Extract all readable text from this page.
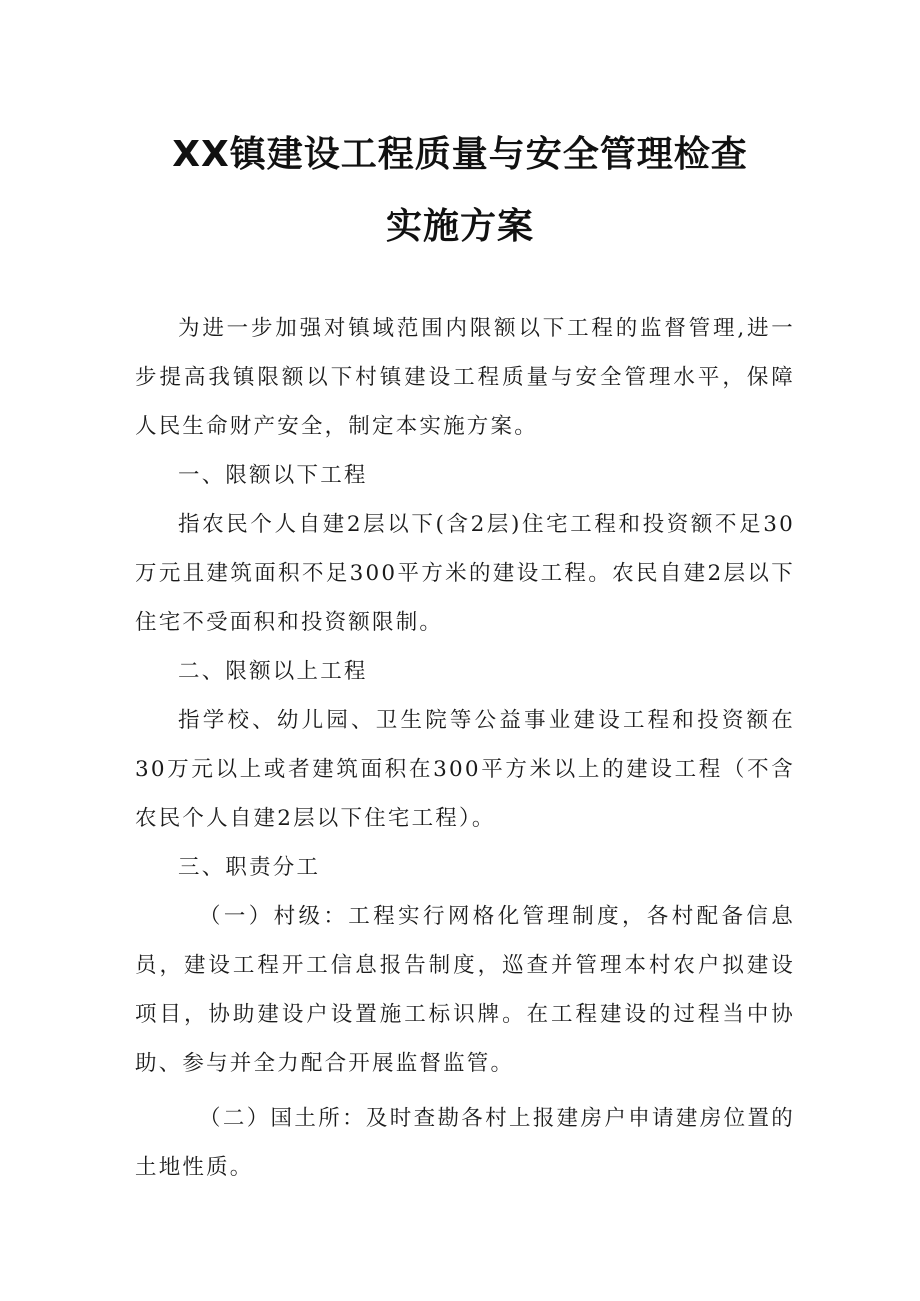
XX镇建设工程质量与安全管理检查
实施方案

为进一步加强对镇域范围内限额以下工程的监督管理,进一步提高我镇限额以下村镇建设工程质量与安全管理水平，保障人民生命财产安全，制定本实施方案。

一、限额以下工程

指农民个人自建2层以下(含2层)住宅工程和投资额不足30万元且建筑面积不足300平方米的建设工程。农民自建2层以下住宅不受面积和投资额限制。

二、限额以上工程

指学校、幼儿园、卫生院等公益事业建设工程和投资额在30万元以上或者建筑面积在300平方米以上的建设工程（不含农民个人自建2层以下住宅工程）。

三、职责分工

（一）村级：工程实行网格化管理制度，各村配备信息员，建设工程开工信息报告制度，巡查并管理本村农户拟建设项目，协助建设户设置施工标识牌。在工程建设的过程当中协助、参与并全力配合开展监督监管。

（二）国土所：及时查勘各村上报建房户申请建房位置的土地性质。
